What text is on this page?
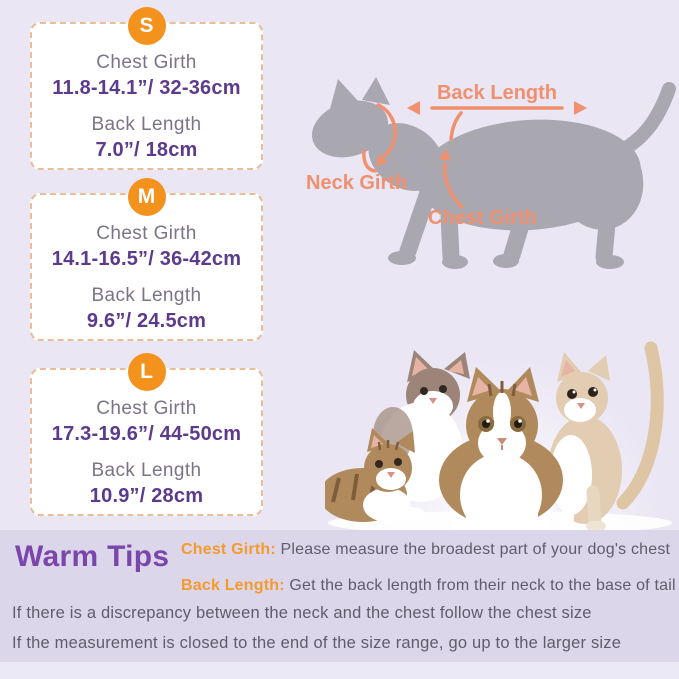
S
Chest Girth
11.8-14.1”/ 32-36cm
Back Length
7.0”/ 18cm
M
Chest Girth
14.1-16.5”/ 36-42cm
Back Length
9.6”/ 24.5cm
L
Chest Girth
17.3-19.6”/ 44-50cm
Back Length
10.9”/ 28cm
Back Length
Neck Girth
Chest Girth
Warm Tips Chest Girth: Please measure the broadest part of your dog's chest
Back Length: Get the back length from their neck to the base of tail
If there is a discrepancy between the neck and the chest follow the chest size
If the measurement is closed to the end of the size range, go up to the larger size
